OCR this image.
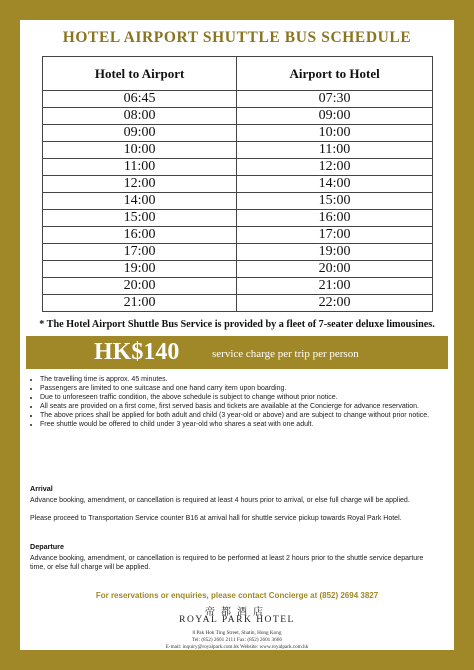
HOTEL AIRPORT SHUTTLE BUS SCHEDULE
Hotel to Airport	Airport to Hotel
06:45	07:30
08:00	09:00
09:00	10:00
10:00	11:00
11:00	12:00
12:00	14:00
14:00	15:00
15:00	16:00
16:00	17:00
17:00	19:00
19:00	20:00
20:00	21:00
21:00	22:00
* The Hotel Airport Shuttle Bus Service is provided by a fleet of 7-seater deluxe limousines.
HK$140	service charge per trip per person
• The travelling time is approx. 45 minutes.
• Passengers are limited to one suitcase and one hand carry item upon boarding.
• Due to unforeseen traffic condition, the above schedule is subject to change without prior notice.
• All seats are provided on a first come, first served basis and tickets are available at the Concierge for advance reservation.
• The above prices shall be applied for both adult and child (3 year-old or above) and are subject to change without prior notice.
• Free shuttle would be offered to child under 3 year-old who shares a seat with one adult.
Arrival

Advance booking, amendment, or cancellation is required at least 4 hours prior to arrival, or else full charge will be applied.

Please proceed to Transportation Service counter B16 at arrival hall for shuttle service pickup towards Royal Park Hotel.

Departure

Advance booking, amendment, or cancellation is required to be performed at least 2 hours prior to the shuttle service departure time, or else full charge will be applied.

For reservations or enquiries, please contact Concierge at (852) 2694 3827
帝都酒店
ROYAL PARK HOTEL
8 Pak Hok Ting Street, Shatin, Hong Kong
Tel: (852) 2601 2111 Fax: (852) 2601 3666
E-mail: inquiry@royalpark.com.hk Website: www.royalpark.com.hk
